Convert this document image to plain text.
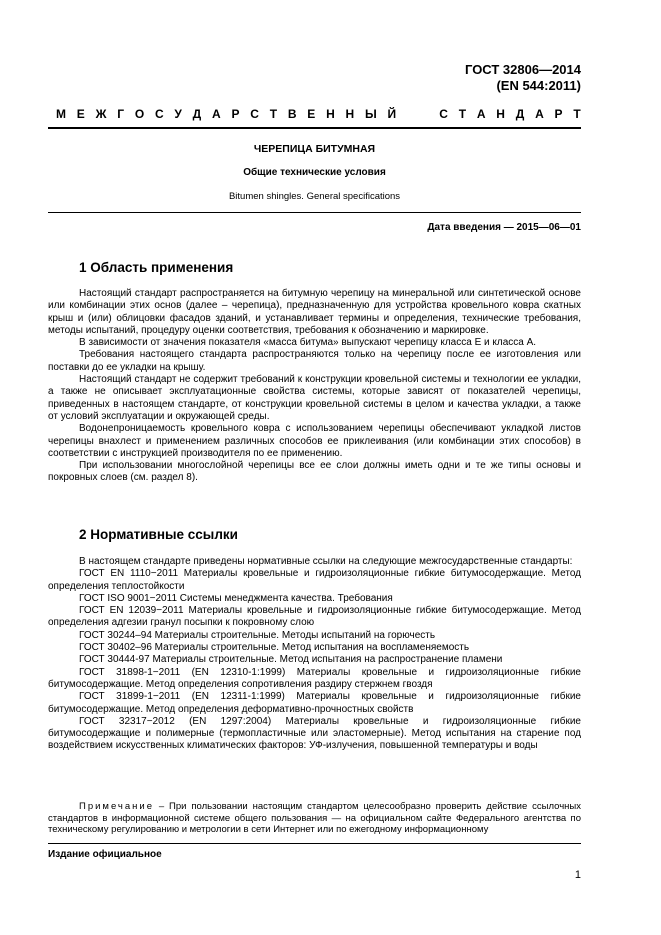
ГОСТ 32806—2014
(EN 544:2011)
М Е Ж Г О С У Д А Р С Т В Е Н Н Ы Й	С Т А Н Д А Р Т
ЧЕРЕПИЦА БИТУМНАЯ
Общие технические условия
Bitumen shingles. General specifications
Дата введения — 2015—06—01
1 Область применения

Настоящий стандарт распространяется на битумную черепицу на минеральной или синтетической основе или комбинации этих основ (далее – черепица), предназначенную для устройства кровельного ковра скатных крыш и (или) облицовки фасадов зданий, и устанавливает термины и определения, технические требования, методы испытаний, процедуру оценки соответствия, требования к обозначению и маркировке.

В зависимости от значения показателя «масса битума» выпускают черепицу класса Е и класса А.

Требования настоящего стандарта распространяются только на черепицу после ее изготовления или поставки до ее укладки на крышу.

Настоящий стандарт не содержит требований к конструкции кровельной системы и технологии ее укладки, а также не описывает эксплуатационные свойства системы, которые зависят от показателей черепицы, приведенных в настоящем стандарте, от конструкции кровельной системы в целом и качества укладки, а также от условий эксплуатации и окружающей среды.

Водонепроницаемость кровельного ковра с использованием черепицы обеспечивают укладкой листов черепицы внахлест и применением различных способов ее приклеивания (или комбинации этих способов) в соответствии с инструкцией производителя по ее применению.

При использовании многослойной черепицы все ее слои должны иметь одни и те же типы основы и покровных слоев (см. раздел 8).

2 Нормативные ссылки

В настоящем стандарте приведены нормативные ссылки на следующие межгосударственные стандарты:

ГОСТ EN 1110−2011 Материалы кровельные и гидроизоляционные гибкие битумосодержащие. Метод определения теплостойкости

ГОСТ ISO 9001−2011 Системы менеджмента качества. Требования

ГОСТ EN 12039−2011 Материалы кровельные и гидроизоляционные гибкие битумосодержащие. Метод определения адгезии гранул посыпки к покровному слою

ГОСТ 30244–94 Материалы строительные. Методы испытаний на горючесть

ГОСТ 30402–96 Материалы строительные. Метод испытания на воспламеняемость

ГОСТ 30444-97 Материалы строительные. Метод испытания на распространение пламени

ГОСТ 31898-1−2011 (EN 12310-1:1999) Материалы кровельные и гидроизоляционные гибкие битумосодержащие. Метод определения сопротивления раздиру стержнем гвоздя

ГОСТ 31899-1−2011 (EN 12311-1:1999) Материалы кровельные и гидроизоляционные гибкие битумосодержащие. Метод определения деформативно-прочностных свойств

ГОСТ 32317−2012 (EN 1297:2004) Материалы кровельные и гидроизоляционные гибкие битумосодержащие и полимерные (термопластичные или эластомерные). Метод испытания на старение под воздействием искусственных климатических факторов: УФ-излучения, повышенной температуры и воды

Примечание – При пользовании настоящим стандартом целесообразно проверить действие ссылочных стандартов в информационной системе общего пользования — на официальном сайте Федерального агентства по техническому регулированию и метрологии в сети Интернет или по ежегодному информационному

Издание официальное
1
